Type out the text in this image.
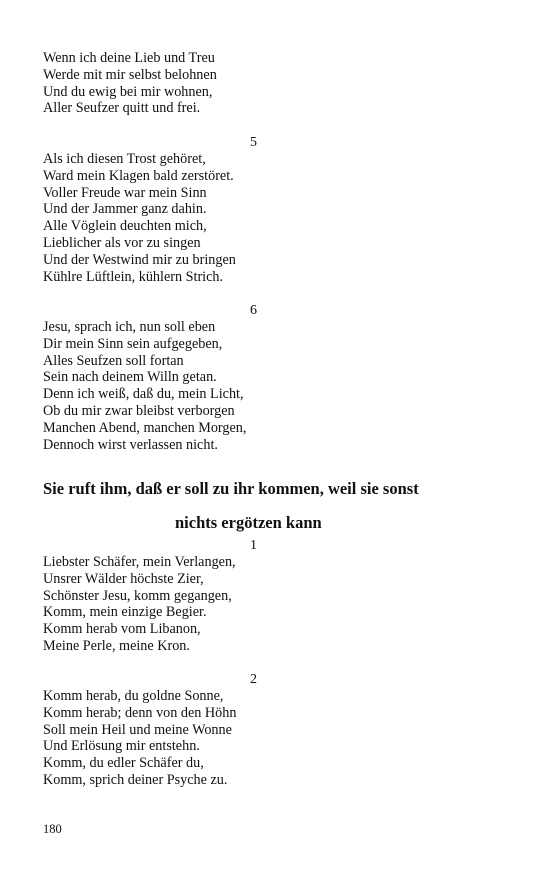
Wenn ich deine Lieb und Treu
Werde mit mir selbst belohnen
Und du ewig bei mir wohnen,
Aller Seufzer quitt und frei.
5
Als ich diesen Trost gehöret,
Ward mein Klagen bald zerstöret.
Voller Freude war mein Sinn
Und der Jammer ganz dahin.
Alle Vöglein deuchten mich,
Lieblicher als vor zu singen
Und der Westwind mir zu bringen
Kühlre Lüftlein, kühlern Strich.
6
Jesu, sprach ich, nun soll eben
Dir mein Sinn sein aufgegeben,
Alles Seufzen soll fortan
Sein nach deinem Willn getan.
Denn ich weiß, daß du, mein Licht,
Ob du mir zwar bleibst verborgen
Manchen Abend, manchen Morgen,
Dennoch wirst verlassen nicht.
Sie ruft ihm, daß er soll zu ihr kommen, weil sie sonst
nichts ergötzen kann
1
Liebster Schäfer, mein Verlangen,
Unsrer Wälder höchste Zier,
Schönster Jesu, komm gegangen,
Komm, mein einzige Begier.
Komm herab vom Libanon,
Meine Perle, meine Kron.
2
Komm herab, du goldne Sonne,
Komm herab; denn von den Höhn
Soll mein Heil und meine Wonne
Und Erlösung mir entstehn.
Komm, du edler Schäfer du,
Komm, sprich deiner Psyche zu.
180
